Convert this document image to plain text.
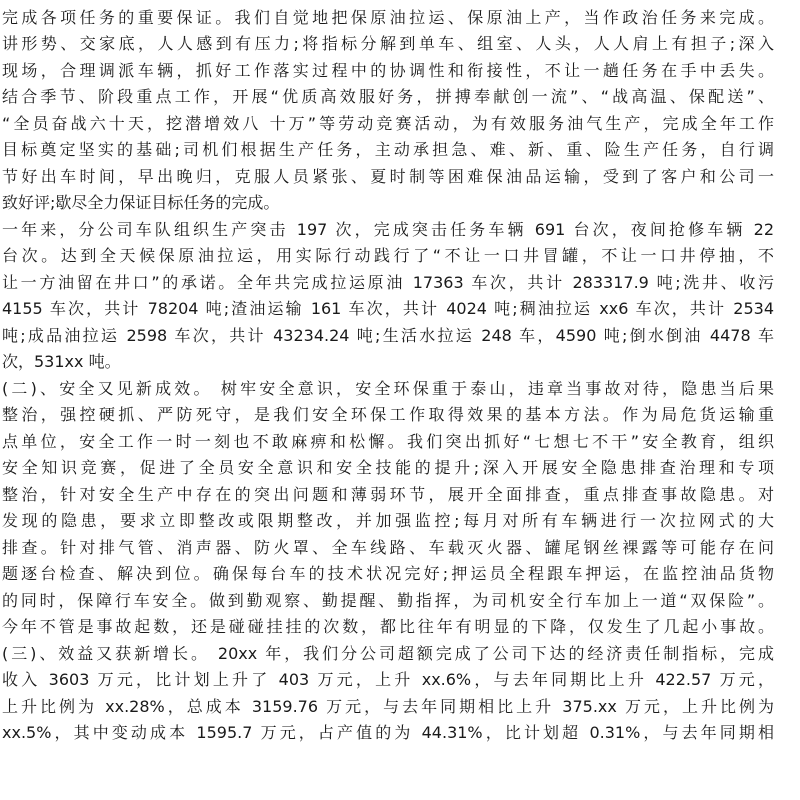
完成各项任务的重要保证。我们自觉地把保原油拉运、保原油上产，当作政治任务来完成。
讲形势、交家底，人人感到有压力;将指标分解到单车、组室、人头，人人肩上有担子;深入
现场，合理调派车辆，抓好工作落实过程中的协调性和衔接性，不让一趟任务在手中丢失。
结合季节、阶段重点工作，开展“优质高效服好务，拼搏奉献创一流”、“战高温、保配送”、
“全员奋战六十天，挖潜增效八 十万”等劳动竞赛活动，为有效服务油气生产，完成全年工作
目标奠定坚实的基础;司机们根据生产任务，主动承担急、难、新、重、险生产任务，自行调
节好出车时间，早出晚归，克服人员紧张、夏时制等困难保油品运输，受到了客户和公司一
致好评;歇尽全力保证目标任务的完成。
一年来，分公司车队组织生产突击 197 次，完成突击任务车辆 691 台次，夜间抢修车辆 22
台次。达到全天候保原油拉运，用实际行动践行了“不让一口井冒罐，不让一口井停抽，不
让一方油留在井口”的承诺。全年共完成拉运原油 17363 车次，共计 283317.9 吨;洗井、收污
4155 车次，共计 78204 吨;渣油运输 161 车次，共计 4024 吨;稠油拉运 xx6 车次，共计 2534
吨;成品油拉运 2598 车次，共计 43234.24 吨;生活水拉运 248 车，4590 吨;倒水倒油 4478 车
次，531xx 吨。
(二)、安全又见新成效。 树牢安全意识，安全环保重于泰山，违章当事故对待，隐患当后果
整治，强控硬抓、严防死守，是我们安全环保工作取得效果的基本方法。作为局危货运输重
点单位，安全工作一时一刻也不敢麻痹和松懈。我们突出抓好“七想七不干”安全教育，组织
安全知识竞赛，促进了全员安全意识和安全技能的提升;深入开展安全隐患排查治理和专项
整治，针对安全生产中存在的突出问题和薄弱环节，展开全面排查，重点排查事故隐患。对
发现的隐患，要求立即整改或限期整改，并加强监控;每月对所有车辆进行一次拉网式的大
排查。针对排气管、消声器、防火罩、全车线路、车载灭火器、罐尾钢丝裸露等可能存在问
题逐台检查、解决到位。确保每台车的技术状况完好;押运员全程跟车押运，在监控油品货物
的同时，保障行车安全。做到勤观察、勤提醒、勤指挥，为司机安全行车加上一道“双保险”。
今年不管是事故起数，还是碰碰挂挂的次数，都比往年有明显的下降，仅发生了几起小事故。
(三)、效益又获新增长。 20xx 年，我们分公司超额完成了公司下达的经济责任制指标，完成
收入 3603 万元，比计划上升了 403 万元，上升 xx.6%，与去年同期比上升 422.57 万元，
上升比例为 xx.28%，总成本 3159.76 万元，与去年同期相比上升 375.xx 万元，上升比例为
xx.5%，其中变动成本 1595.7 万元，占产值的为 44.31%，比计划超 0.31%，与去年同期相
